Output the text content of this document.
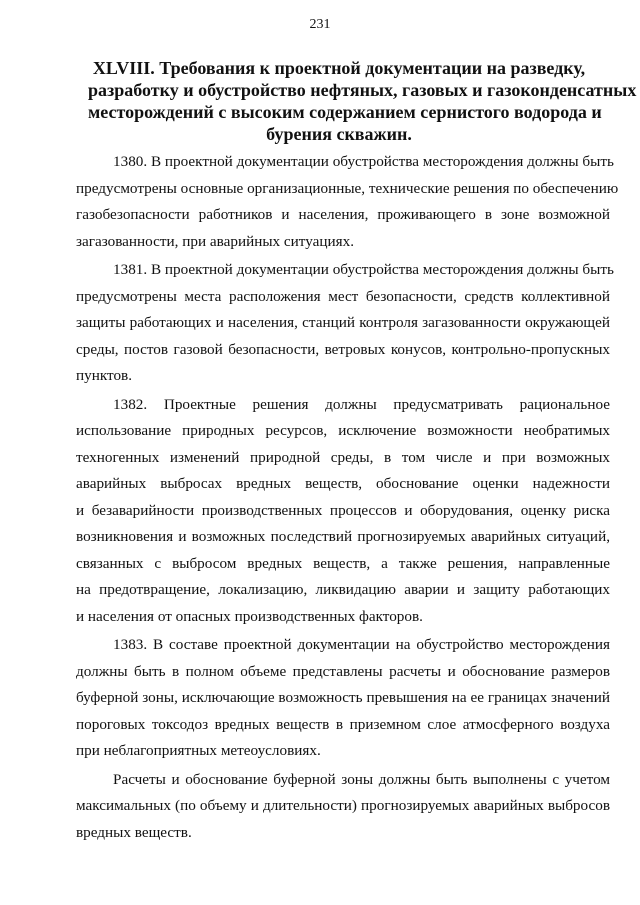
231
XLVIII. Требования к проектной документации на разведку,
разработку и обустройство нефтяных, газовых и газоконденсатных
месторождений с высоким содержанием сернистого водорода и
бурения скважин.

1380. В проектной документации обустройства месторождения должны быть
предусмотрены основные организационные, технические решения по обеспечению
газобезопасности работников и населения, проживающего в зоне возможной
загазованности, при аварийных ситуациях.

1381. В проектной документации обустройства месторождения должны быть
предусмотрены места расположения мест безопасности, средств коллективной
защиты работающих и населения, станций контроля загазованности окружающей
среды, постов газовой безопасности, ветровых конусов, контрольно-пропускных
пунктов.

1382. Проектные решения должны предусматривать рациональное
использование природных ресурсов, исключение возможности необратимых
техногенных изменений природной среды, в том числе и при возможных
аварийных выбросах вредных веществ, обоснование оценки надежности
и безаварийности производственных процессов и оборудования, оценку риска
возникновения и возможных последствий прогнозируемых аварийных ситуаций,
связанных с выбросом вредных веществ, а также решения, направленные
на предотвращение, локализацию, ликвидацию аварии и защиту работающих
и населения от опасных производственных факторов.

1383. В составе проектной документации на обустройство месторождения
должны быть в полном объеме представлены расчеты и обоснование размеров
буферной зоны, исключающие возможность превышения на ее границах значений
пороговых токсодоз вредных веществ в приземном слое атмосферного воздуха
при неблагоприятных метеоусловиях.

Расчеты и обоснование буферной зоны должны быть выполнены с учетом
максимальных (по объему и длительности) прогнозируемых аварийных выбросов
вредных веществ.
